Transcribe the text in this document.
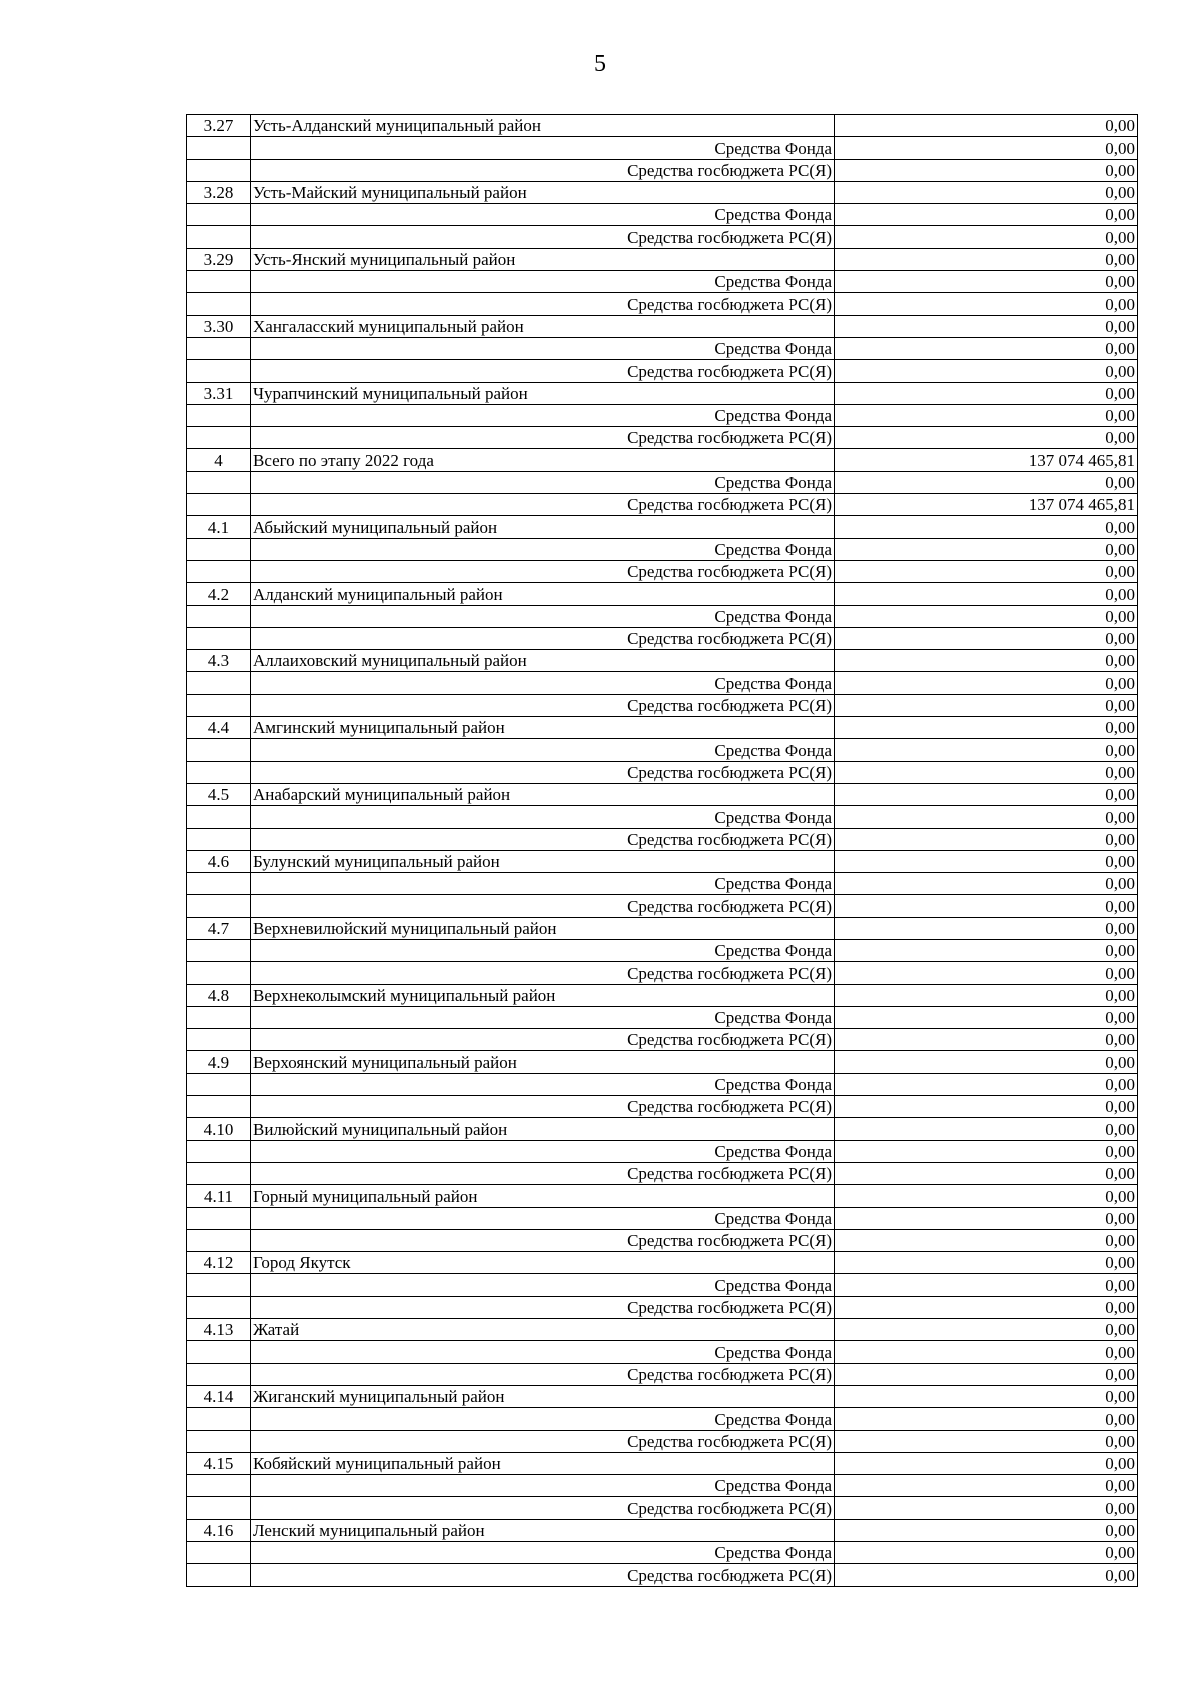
5
3.27	Усть-Алданский муниципальный район	0,00
	Средства Фонда	0,00
	Средства госбюджета РС(Я)	0,00
3.28	Усть-Майский муниципальный район	0,00
	Средства Фонда	0,00
	Средства госбюджета РС(Я)	0,00
3.29	Усть-Янский муниципальный район	0,00
	Средства Фонда	0,00
	Средства госбюджета РС(Я)	0,00
3.30	Хангаласский муниципальный район	0,00
	Средства Фонда	0,00
	Средства госбюджета РС(Я)	0,00
3.31	Чурапчинский муниципальный район	0,00
	Средства Фонда	0,00
	Средства госбюджета РС(Я)	0,00
4	Всего по этапу 2022 года	137 074 465,81
	Средства Фонда	0,00
	Средства госбюджета РС(Я)	137 074 465,81
4.1	Абыйский муниципальный район	0,00
	Средства Фонда	0,00
	Средства госбюджета РС(Я)	0,00
4.2	Алданский муниципальный район	0,00
	Средства Фонда	0,00
	Средства госбюджета РС(Я)	0,00
4.3	Аллаиховский муниципальный район	0,00
	Средства Фонда	0,00
	Средства госбюджета РС(Я)	0,00
4.4	Амгинский муниципальный район	0,00
	Средства Фонда	0,00
	Средства госбюджета РС(Я)	0,00
4.5	Анабарский муниципальный район	0,00
	Средства Фонда	0,00
	Средства госбюджета РС(Я)	0,00
4.6	Булунский муниципальный район	0,00
	Средства Фонда	0,00
	Средства госбюджета РС(Я)	0,00
4.7	Верхневилюйский муниципальный район	0,00
	Средства Фонда	0,00
	Средства госбюджета РС(Я)	0,00
4.8	Верхнеколымский муниципальный район	0,00
	Средства Фонда	0,00
	Средства госбюджета РС(Я)	0,00
4.9	Верхоянский муниципальный район	0,00
	Средства Фонда	0,00
	Средства госбюджета РС(Я)	0,00
4.10	Вилюйский муниципальный район	0,00
	Средства Фонда	0,00
	Средства госбюджета РС(Я)	0,00
4.11	Горный муниципальный район	0,00
	Средства Фонда	0,00
	Средства госбюджета РС(Я)	0,00
4.12	Город Якутск	0,00
	Средства Фонда	0,00
	Средства госбюджета РС(Я)	0,00
4.13	Жатай	0,00
	Средства Фонда	0,00
	Средства госбюджета РС(Я)	0,00
4.14	Жиганский муниципальный район	0,00
	Средства Фонда	0,00
	Средства госбюджета РС(Я)	0,00
4.15	Кобяйский муниципальный район	0,00
	Средства Фонда	0,00
	Средства госбюджета РС(Я)	0,00
4.16	Ленский муниципальный район	0,00
	Средства Фонда	0,00
	Средства госбюджета РС(Я)	0,00
